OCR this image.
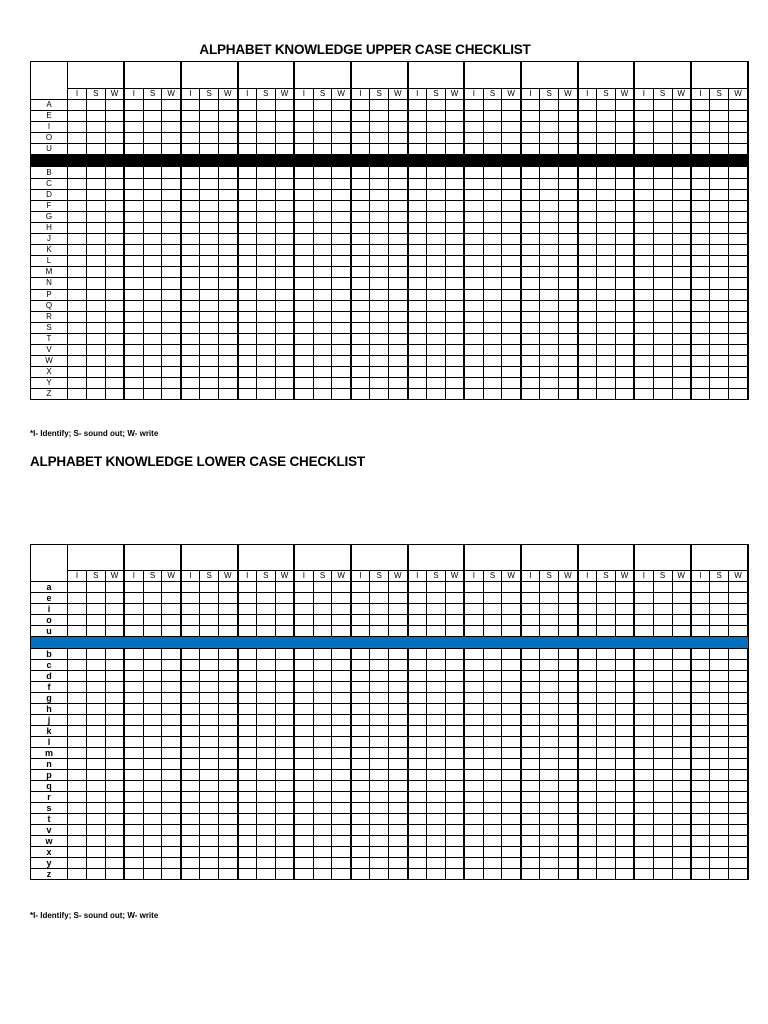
ALPHABET KNOWLEDGE UPPER CASE CHECKLIST

	I	S	W	I	S	W	I	S	W	I	S	W	I	S	W	I	S	W	I	S	W	I	S	W	I	S	W	I	S	W	I	S	W	I	S	W
A																																				
E																																				
I																																				
O																																				
U																																				

B																																				
C																																				
D																																				
F																																				
G																																				
H																																				
J																																				
K																																				
L																																				
M																																				
N																																				
P																																				
Q																																				
R																																				
S																																				
T																																				
V																																				
W																																				
X																																				
Y																																				
Z																																				
*I- Identify; S- sound out; W- write
ALPHABET KNOWLEDGE LOWER CASE CHECKLIST

	I	S	W	I	S	W	I	S	W	I	S	W	I	S	W	I	S	W	I	S	W	I	S	W	I	S	W	I	S	W	I	S	W	I	S	W
a																																				
e																																				
i																																				
o																																				
u																																				

b																																				
c																																				
d																																				
f																																				
g																																				
h																																				
j																																				
k																																				
l																																				
m																																				
n																																				
p																																				
q																																				
r																																				
s																																				
t																																				
v																																				
w																																				
x																																				
y																																				
z																																				
*I- Identify; S- sound out; W- write
